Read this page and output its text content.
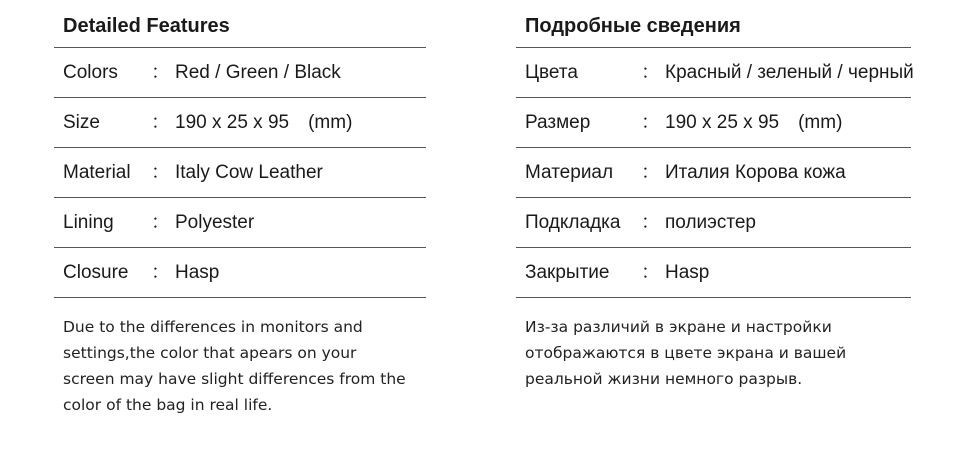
Detailed Features
Colors ： Red / Green / Black
Size	： 190 x 25 x 95　(mm)
Material ： Italy Cow Leather
Lining ： Polyester
Closure ： Hasp
Due to the differences in monitors and
settings,the color that apears on your
screen may have slight differences from the
color of the bag in real life.
Подробные сведения
Цвета	： Красный / зеленый / черный
Размер	： 190 x 25 x 95　(mm)
Материал ： Италия Корова кожа
Подкладка ： полиэстер
Закрытие ： Hasp
Из-за различий в экране и настройки
отображаются в цвете экрана и вашей
реальной жизни немного разрыв.
